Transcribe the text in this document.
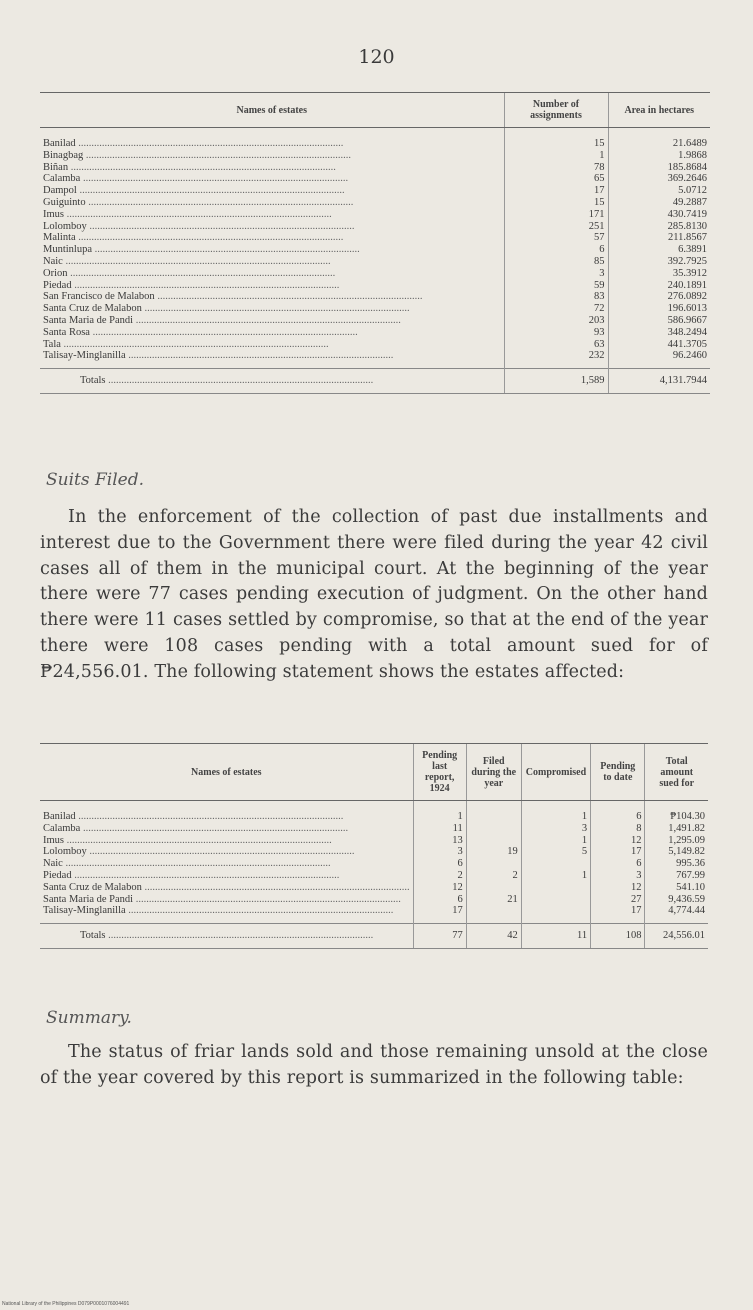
120
Names of estates	Number of assignments	Area in hectares
Banilad .....	15	21.6489
Binagbag .....	1	1.9868
Biñan .....	78	185.8684
Calamba .....	65	369.2646
Dampol .....	17	5.0712
Guiguinto .....	15	49.2887
Imus .....	171	430.7419
Lolomboy .....	251	285.8130
Malinta .....	57	211.8567
Muntinlupa .....	6	6.3891
Naic .....	85	392.7925
Orion .....	3	35.3912
Piedad .....	59	240.1891
San Francisco de Malabon .....	83	276.0892
Santa Cruz de Malabon .....	72	196.6013
Santa Maria de Pandi .....	203	586.9667
Santa Rosa .....	93	348.2494
Tala .....	63	441.3705
Talisay-Minglanilla .....	232	96.2460
Totals .....	1,589	4,131.7944
Suits Filed.
In the enforcement of the collection of past due installments and interest due to the Government there were filed during the year 42 civil cases all of them in the municipal court. At the beginning of the year there were 77 cases pending execution of judgment. On the other hand there were 11 cases settled by compromise, so that at the end of the year there were 108 cases pending with a total amount sued for of ₱24,556.01. The following statement shows the estates affected:
Names of estates	Pending last report, 1924	Filed during the year	Compromised	Pending to date	Total amount sued for
Banilad .....	1		1	6	₱104.30
Calamba .....	11		3	8	1,491.82
Imus .....	13		1	12	1,295.09
Lolomboy .....	3	19	5	17	5,149.82
Naic .....	6			6	995.36
Piedad .....	2	2	1	3	767.99
Santa Cruz de Malabon .....	12			12	541.10
Santa Maria de Pandi .....	6	21		27	9,436.59
Talisay-Minglanilla .....	17			17	4,774.44
Totals .....	77	42	11	108	24,556.01
Summary.
The status of friar lands sold and those remaining unsold at the close of the year covered by this report is summarized in the following table:
National Library of the Philippines D079P0001076004491
